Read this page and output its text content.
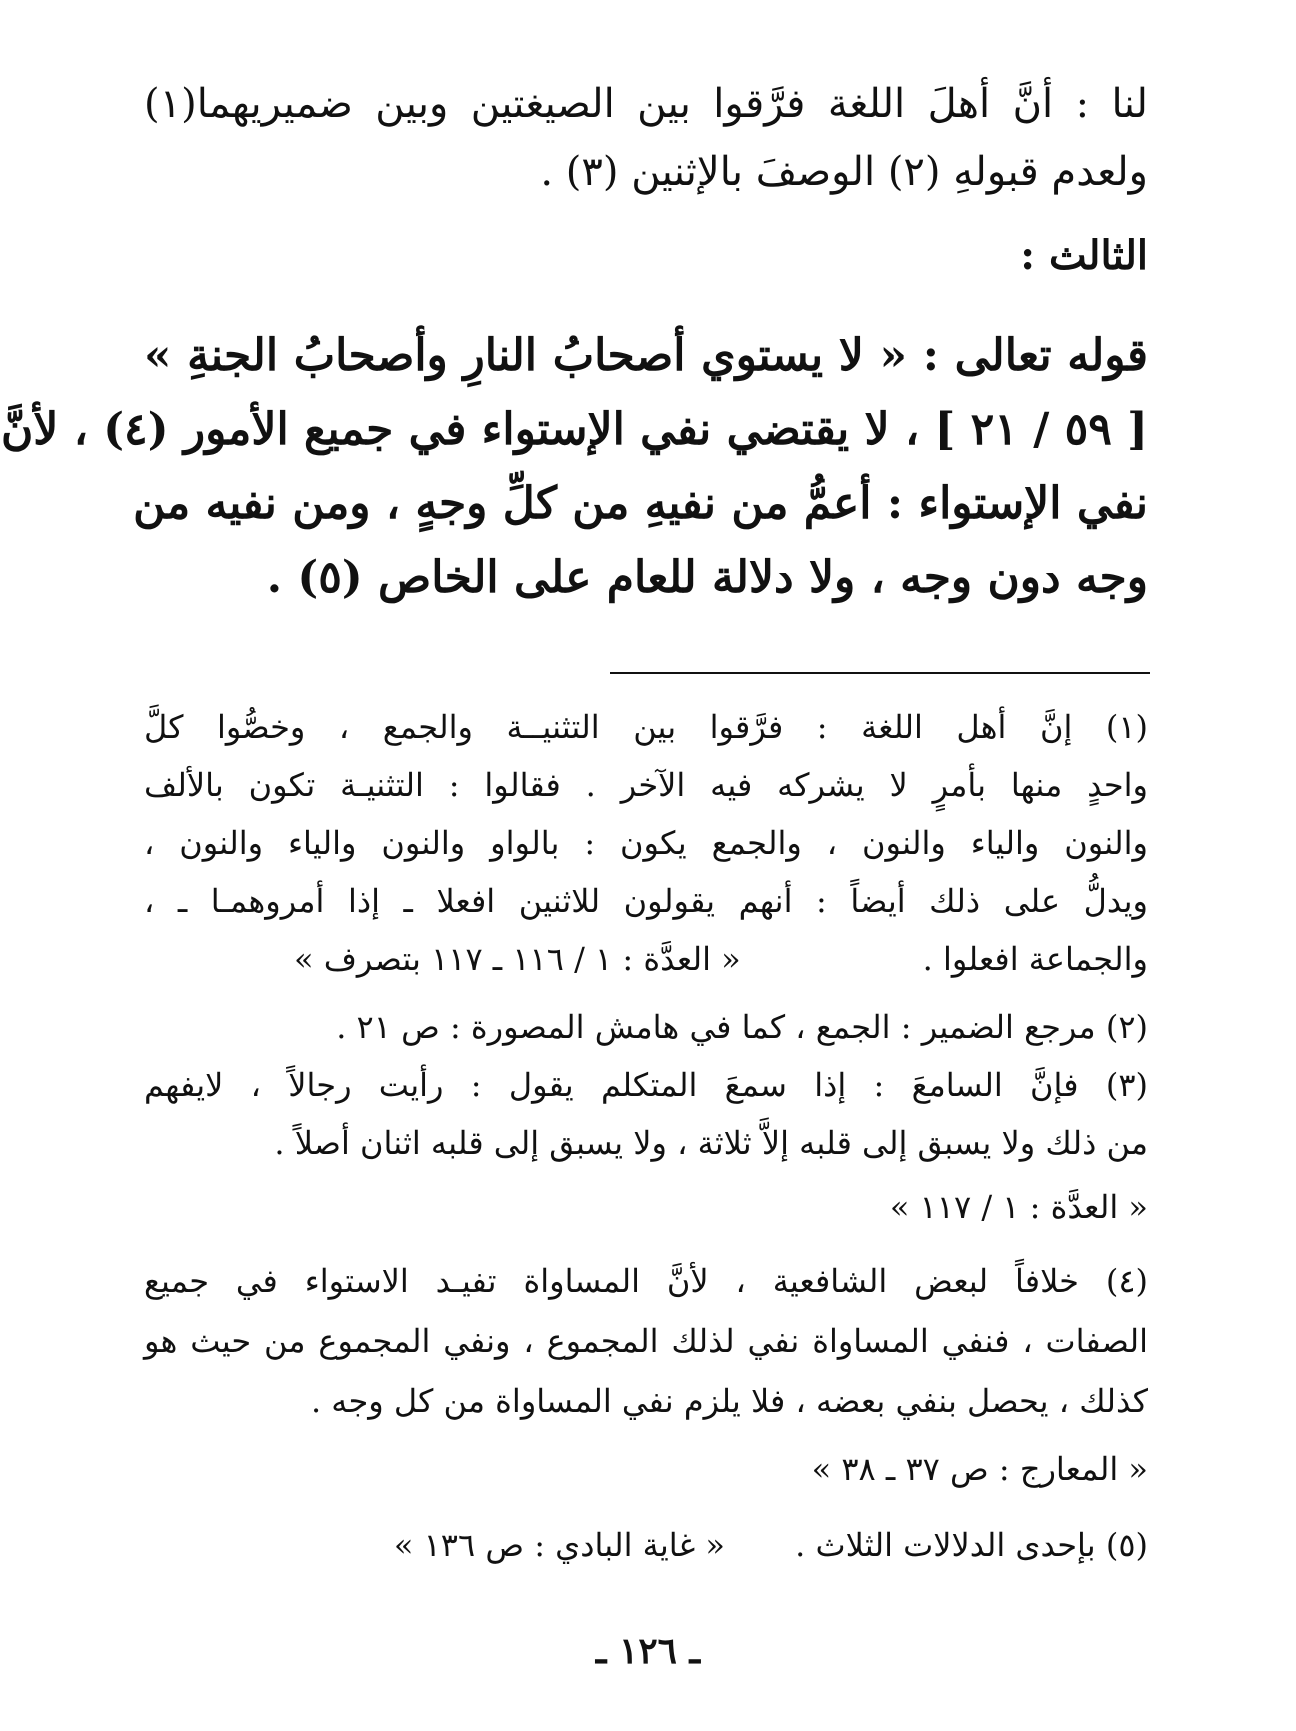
لنا : أنَّ أهلَ اللغة فرَّقوا بين الصيغتين وبين ضميريهما(١)
ولعدم قبولهِ (٢) الوصفَ بالإثنين (٣) .
الثالث :
قوله تعالى : « لا يستوي أصحابُ النارِ وأصحابُ الجنةِ »
[ ٥٩ / ٢١ ] ، لا يقتضي نفي الإستواء في جميع الأمور (٤) ، لأنَّ
نفي الإستواء : أعمُّ من نفيهِ من كلِّ وجهٍ ، ومن نفيه من
وجه دون وجه ، ولا دلالة للعام على الخاص (٥) .
(١) إنَّ أهل اللغة : فرَّقوا بين التثنيــة والجمع ، وخصُّوا كلَّ
واحدٍ منها بأمرٍ لا يشركه فيه الآخر . فقالوا : التثنيـة تكون بالألف
والنون والياء والنون ، والجمع يكون : بالواو والنون والياء والنون ،
ويدلُّ على ذلك أيضاً : أنهم يقولون للاثنين افعلا ـ إذا أمروهمـا ـ ،
والجماعة افعلوا .
« العدَّة : ١ / ١١٦ ـ ١١٧ بتصرف »
(٢) مرجع الضمير : الجمع ، كما في هامش المصورة : ص ٢١ .
(٣) فإنَّ السامعَ : إذا سمعَ المتكلم يقول : رأيت رجالاً ، لايفهم
من ذلك ولا يسبق إلى قلبه إلاَّ ثلاثة ، ولا يسبق إلى قلبه اثنان أصلاً .
« العدَّة : ١ / ١١٧ »
(٤) خلافاً لبعض الشافعية ، لأنَّ المساواة تفيـد الاستواء في جميع
الصفات ، فنفي المساواة نفي لذلك المجموع ، ونفي المجموع من حيث هو
كذلك ، يحصل بنفي بعضه ، فلا يلزم نفي المساواة من كل وجه .
« المعارج : ص ٣٧ ـ ٣٨ »
(٥) بإحدى الدلالات الثلاث . « غاية البادي : ص ١٣٦ »
ـ ١٢٦ ـ
